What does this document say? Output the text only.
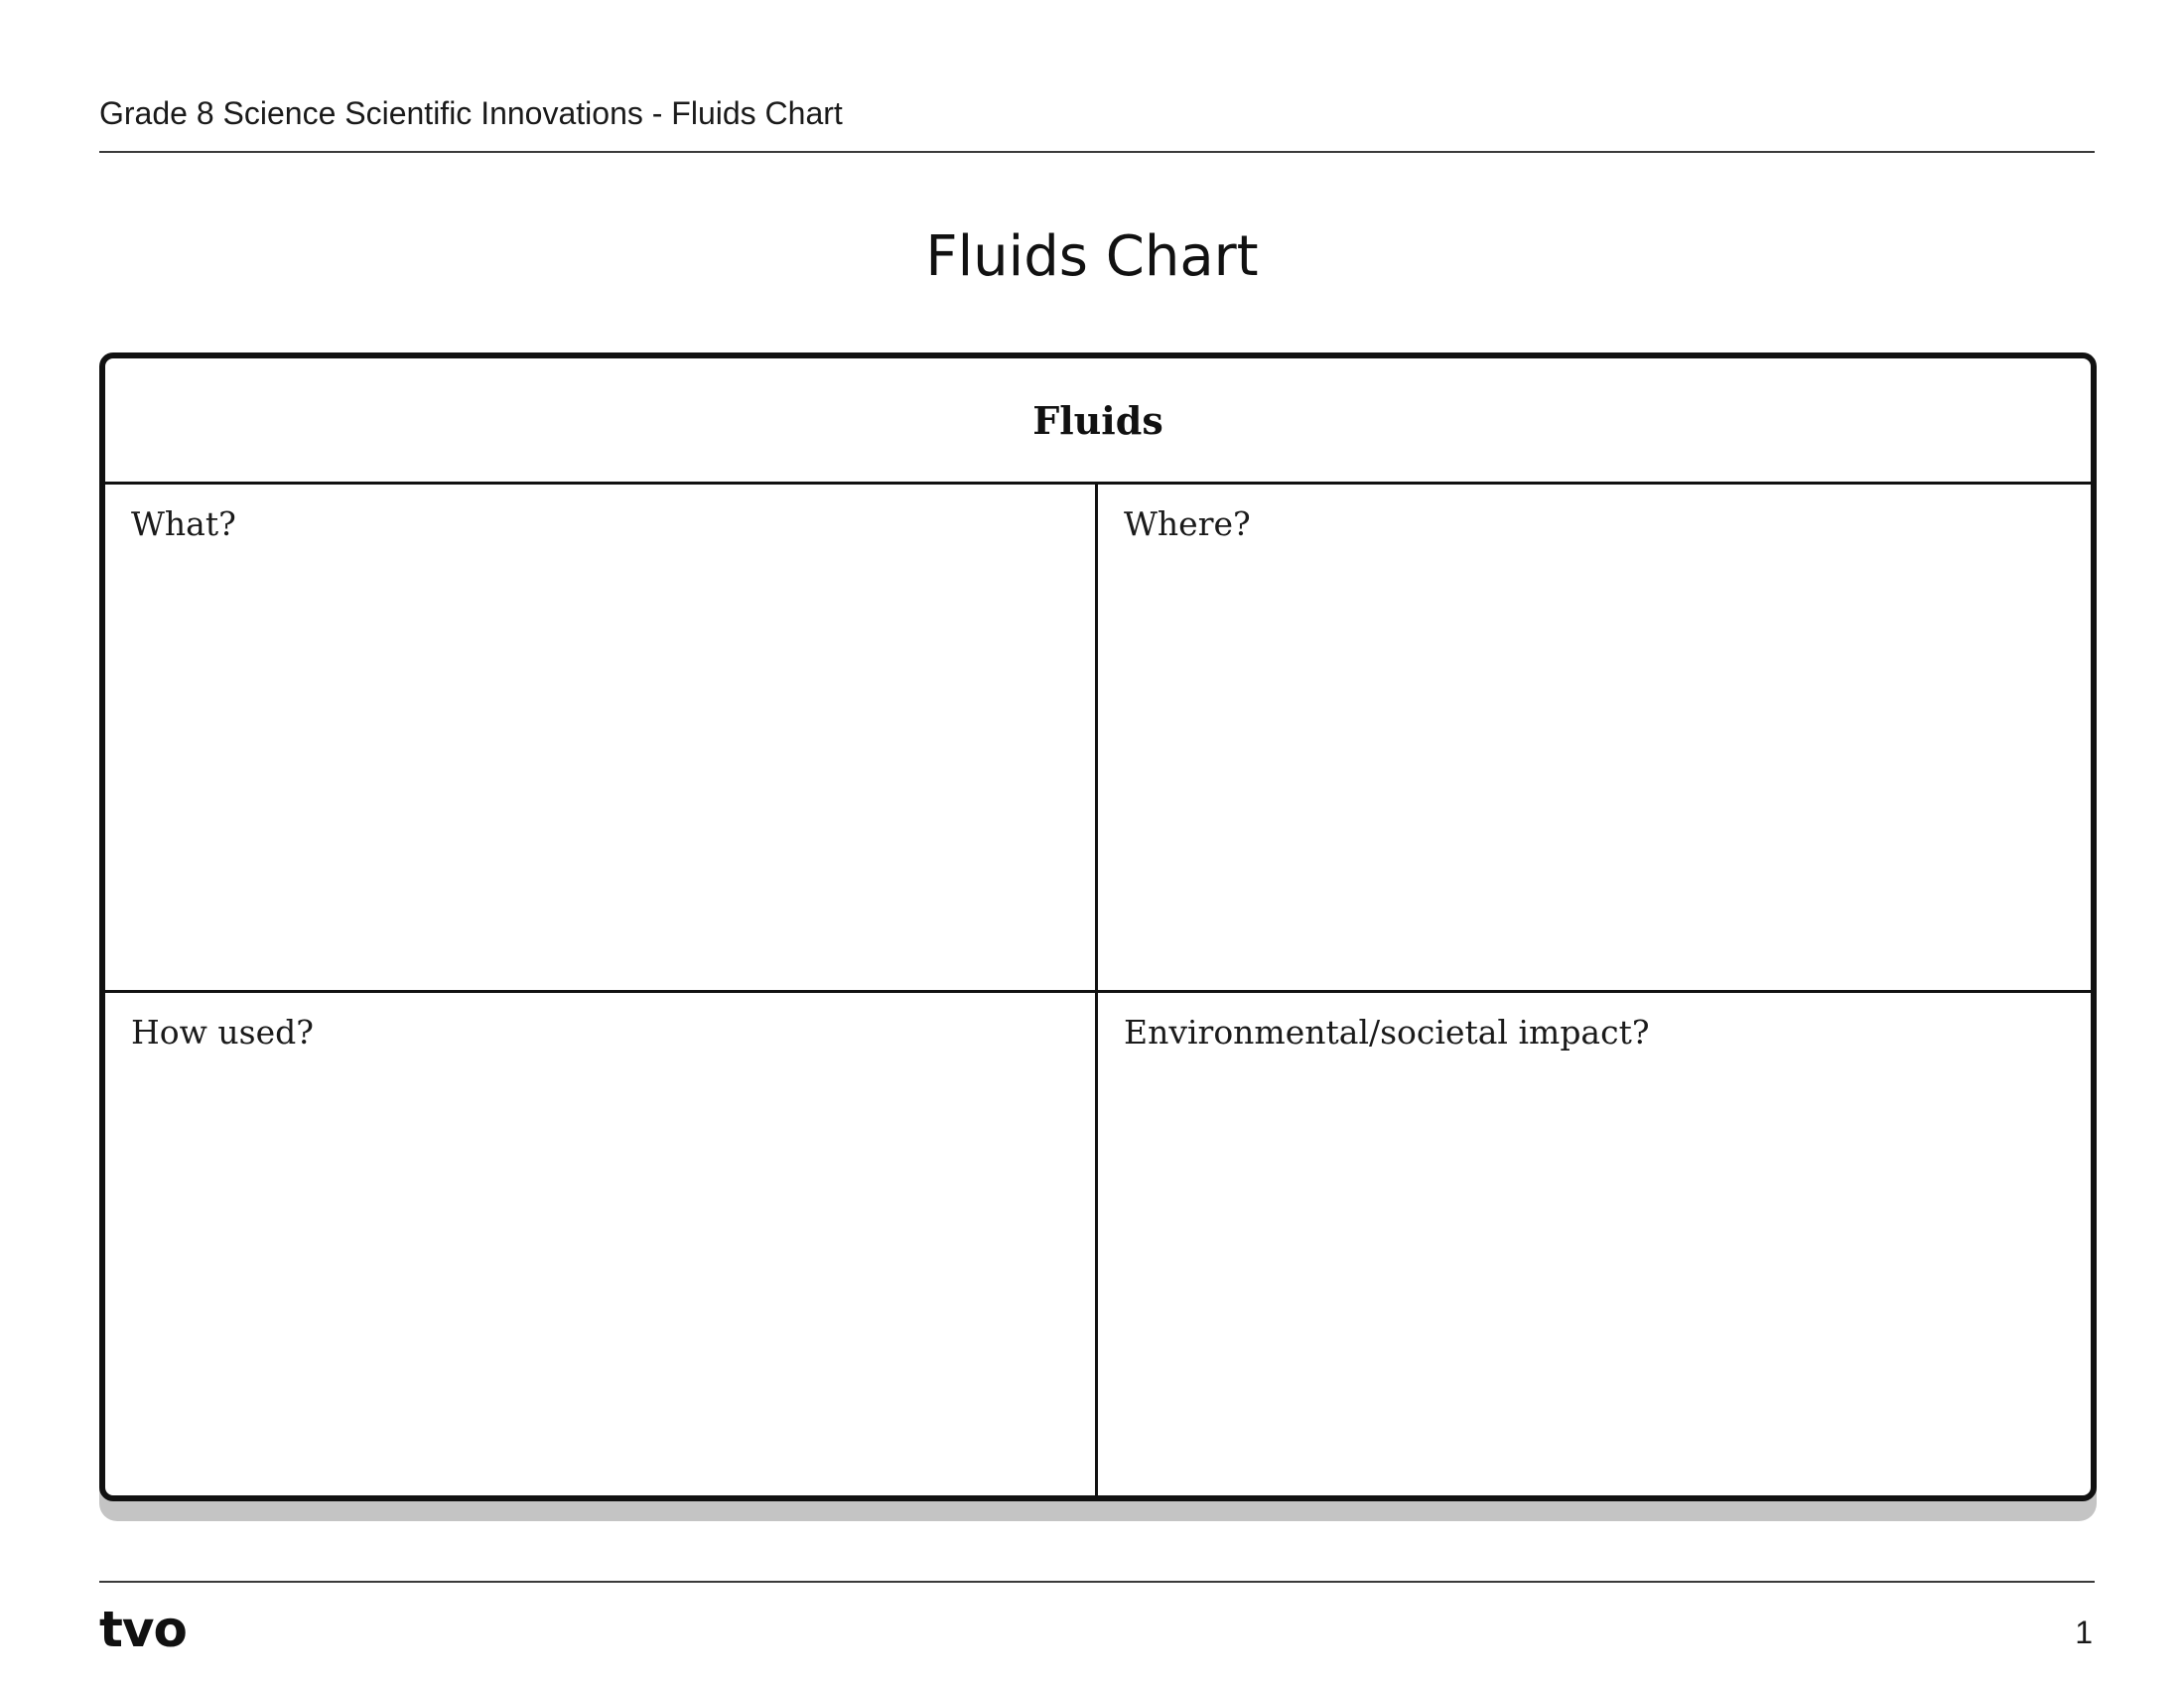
Grade 8 Science Scientific Innovations - Fluids Chart
Fluids Chart
Fluids
What?	Where?
How used?	Environmental/societal impact?
tvo	1
